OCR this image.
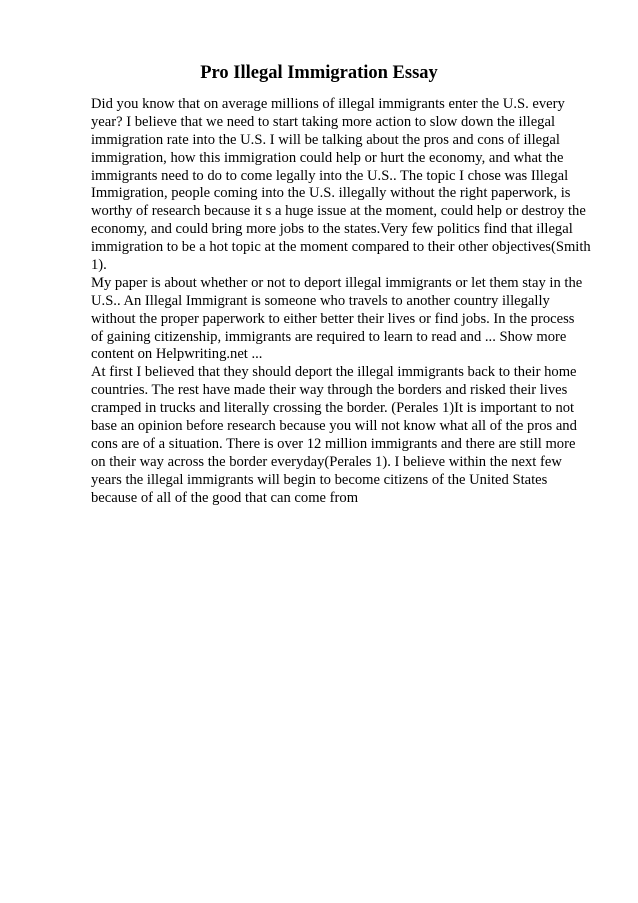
Pro Illegal Immigration Essay
Did you know that on average millions of illegal immigrants enter the U.S. every
year? I believe that we need to start taking more action to slow down the illegal
immigration rate into the U.S. I will be talking about the pros and cons of illegal
immigration, how this immigration could help or hurt the economy, and what the
immigrants need to do to come legally into the U.S.. The topic I chose was Illegal
Immigration, people coming into the U.S. illegally without the right paperwork, is
worthy of research because it s a huge issue at the moment, could help or destroy the
economy, and could bring more jobs to the states.Very few politics find that illegal
immigration to be a hot topic at the moment compared to their other objectives(Smith
1).
My paper is about whether or not to deport illegal immigrants or let them stay in the
U.S.. An Illegal Immigrant is someone who travels to another country illegally
without the proper paperwork to either better their lives or find jobs. In the process
of gaining citizenship, immigrants are required to learn to read and ... Show more
content on Helpwriting.net ...
At first I believed that they should deport the illegal immigrants back to their home
countries. The rest have made their way through the borders and risked their lives
cramped in trucks and literally crossing the border. (Perales 1)It is important to not
base an opinion before research because you will not know what all of the pros and
cons are of a situation. There is over 12 million immigrants and there are still more
on their way across the border everyday(Perales 1). I believe within the next few
years the illegal immigrants will begin to become citizens of the United States
because of all of the good that can come from
